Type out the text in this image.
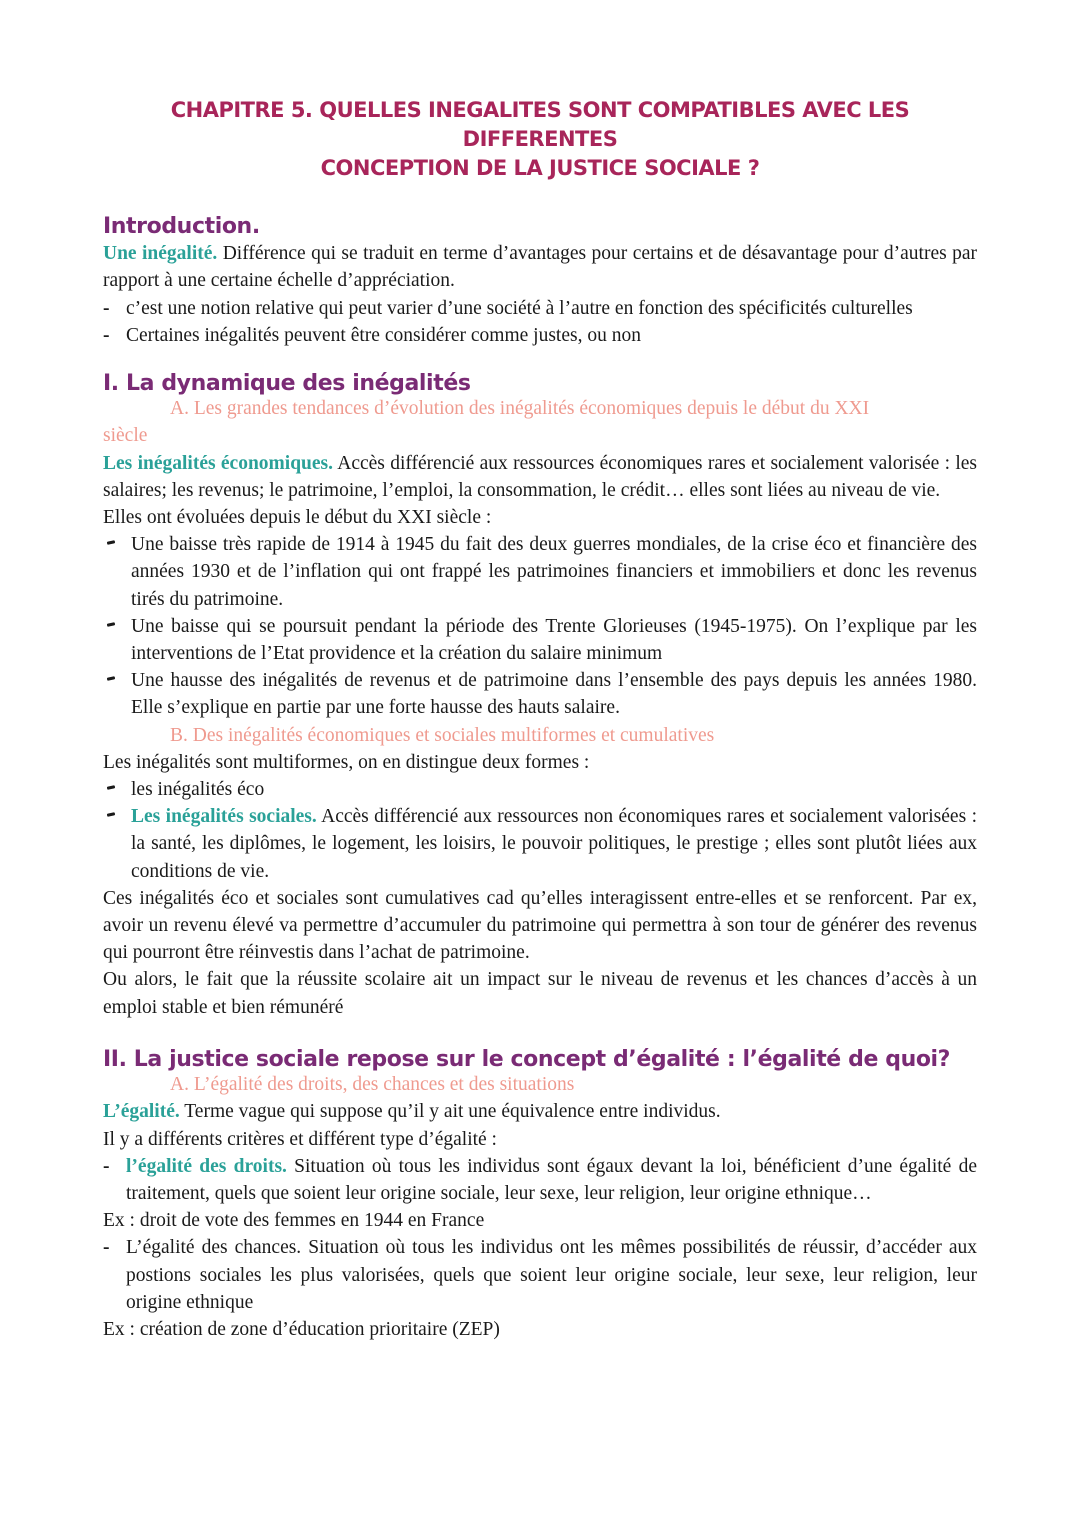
CHAPITRE 5. QUELLES INEGALITES SONT COMPATIBLES AVEC LES DIFFERENTES
CONCEPTION DE LA JUSTICE SOCIALE ?
Introduction.

Une inégalité. Différence qui se traduit en terme d’avantages pour certains et de désavantage pour d’autres par rapport à une certaine échelle d’appréciation.

- c’est une notion relative qui peut varier d’une société à l’autre en fonction des spécificités culturelles
- Certaines inégalités peuvent être considérer comme justes, ou non
I. La dynamique des inégalités

A. Les grandes tendances d’évolution des inégalités économiques depuis le début du XXI

siècle

Les inégalités économiques. Accès différencié aux ressources économiques rares et socialement valorisée : les salaires; les revenus; le patrimoine, l’emploi, la consommation, le crédit… elles sont liées au niveau de vie.

Elles ont évoluées depuis le début du XXI siècle :

Une baisse très rapide de 1914 à 1945 du fait des deux guerres mondiales, de la crise éco et financière des années 1930 et de l’inflation qui ont frappé les patrimoines financiers et immobiliers et donc les revenus tirés du patrimoine.
Une baisse qui se poursuit pendant la période des Trente Glorieuses (1945-1975). On l’explique par les interventions de l’Etat providence et la création du salaire minimum
Une hausse des inégalités de revenus et de patrimoine dans l’ensemble des pays depuis les années 1980. Elle s’explique en partie par une forte hausse des hauts salaire.

B. Des inégalités économiques et sociales multiformes et cumulatives

Les inégalités sont multiformes, on en distingue deux formes :

les inégalités éco
Les inégalités sociales. Accès différencié aux ressources non économiques rares et socialement valorisées : la santé, les diplômes, le logement, les loisirs, le pouvoir politiques, le prestige ; elles sont plutôt liées aux conditions de vie.

Ces inégalités éco et sociales sont cumulatives cad qu’elles interagissent entre-elles et se renforcent. Par ex, avoir un revenu élevé va permettre d’accumuler du patrimoine qui permettra à son tour de générer des revenus qui pourront être réinvestis dans l’achat de patrimoine.

Ou alors, le fait que la réussite scolaire ait un impact sur le niveau de revenus et les chances d’accès à un emploi stable et bien rémunéré

II. La justice sociale repose sur le concept d’égalité : l’égalité de quoi?

A. L’égalité des droits, des chances et des situations

L’égalité. Terme vague qui suppose qu’il y ait une équivalence entre individus.

Il y a différents critères et différent type d’égalité :

- l’égalité des droits. Situation où tous les individus sont égaux devant la loi, bénéficient d’une égalité de traitement, quels que soient leur origine sociale, leur sexe, leur religion, leur origine ethnique…

Ex : droit de vote des femmes en 1944 en France

- L’égalité des chances. Situation où tous les individus ont les mêmes possibilités de réussir, d’accéder aux postions sociales les plus valorisées, quels que soient leur origine sociale, leur sexe, leur religion, leur origine ethnique

Ex : création de zone d’éducation prioritaire (ZEP)
